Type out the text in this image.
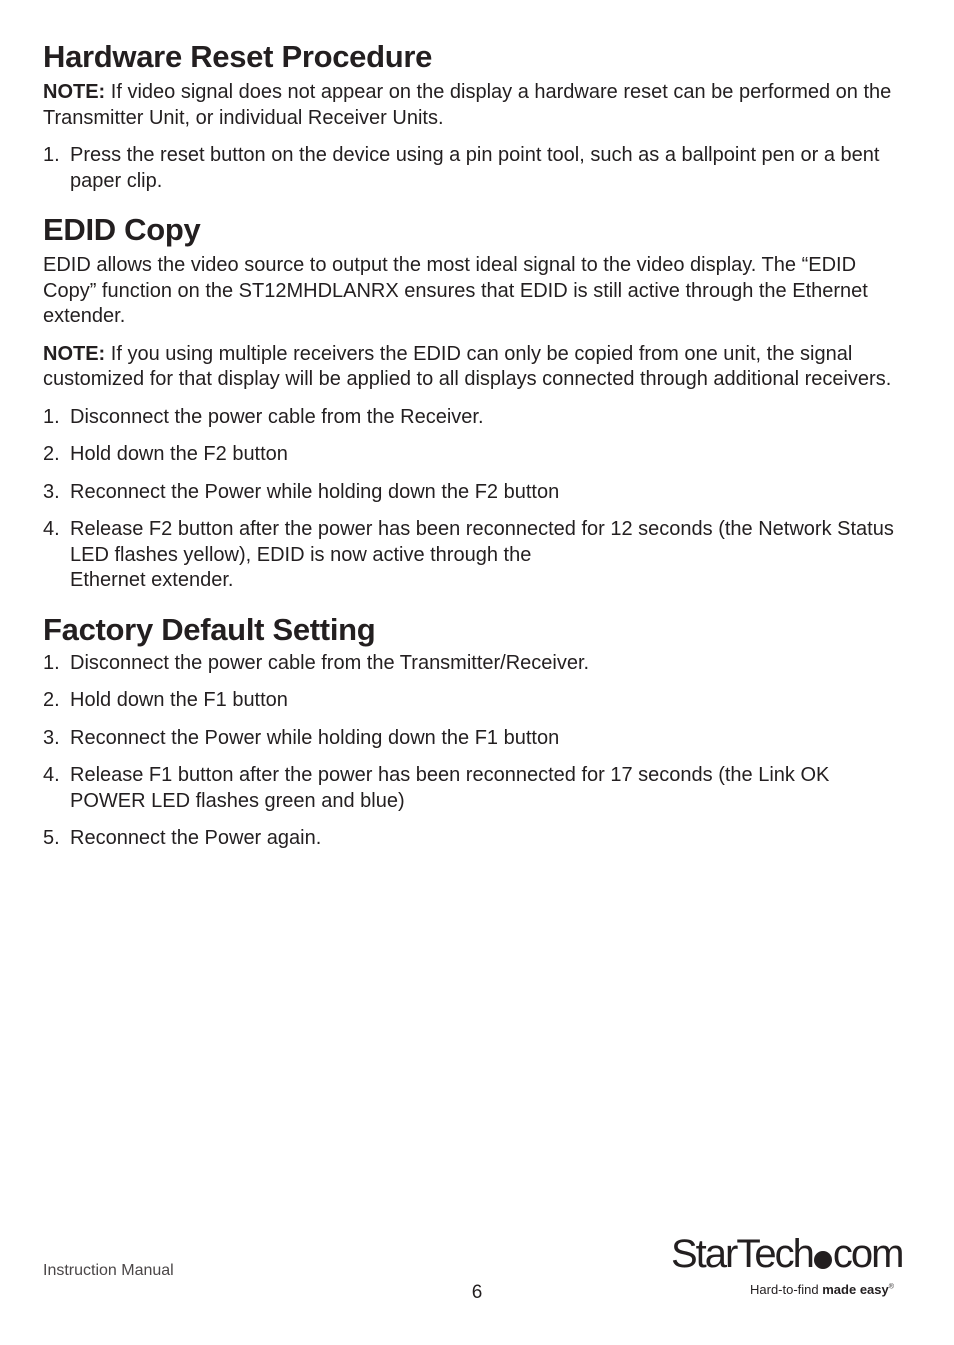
Hardware Reset Procedure

NOTE: If video signal does not appear on the display a hardware reset can be performed on the Transmitter Unit, or individual Receiver Units.

1. Press the reset button on the device using a pin point tool, such as a ballpoint pen or a bent paper clip.
EDID Copy

EDID allows the video source to output the most ideal signal to the video display. The “EDID Copy” function on the ST12MHDLANRX ensures that EDID is still active through the Ethernet extender.

NOTE: If you using multiple receivers the EDID can only be copied from one unit, the signal customized for that display will be applied to all displays connected through additional receivers.

1. Disconnect the power cable from the Receiver.
2. Hold down the F2 button
3. Reconnect the Power while holding down the F2 button
4. Release F2 button after the power has been reconnected for 12 seconds (the Network Status LED flashes yellow), EDID is now active through the
Ethernet extender.
Factory Default Setting
1. Disconnect the power cable from the Transmitter/Receiver.
2. Hold down the F1 button
3. Reconnect the Power while holding down the F1 button
4. Release F1 button after the power has been reconnected for 17 seconds (the Link OK POWER LED flashes green and blue)
5. Reconnect the Power again.
Instruction Manual
6
StarTech com
Hard-to-find made easy®
